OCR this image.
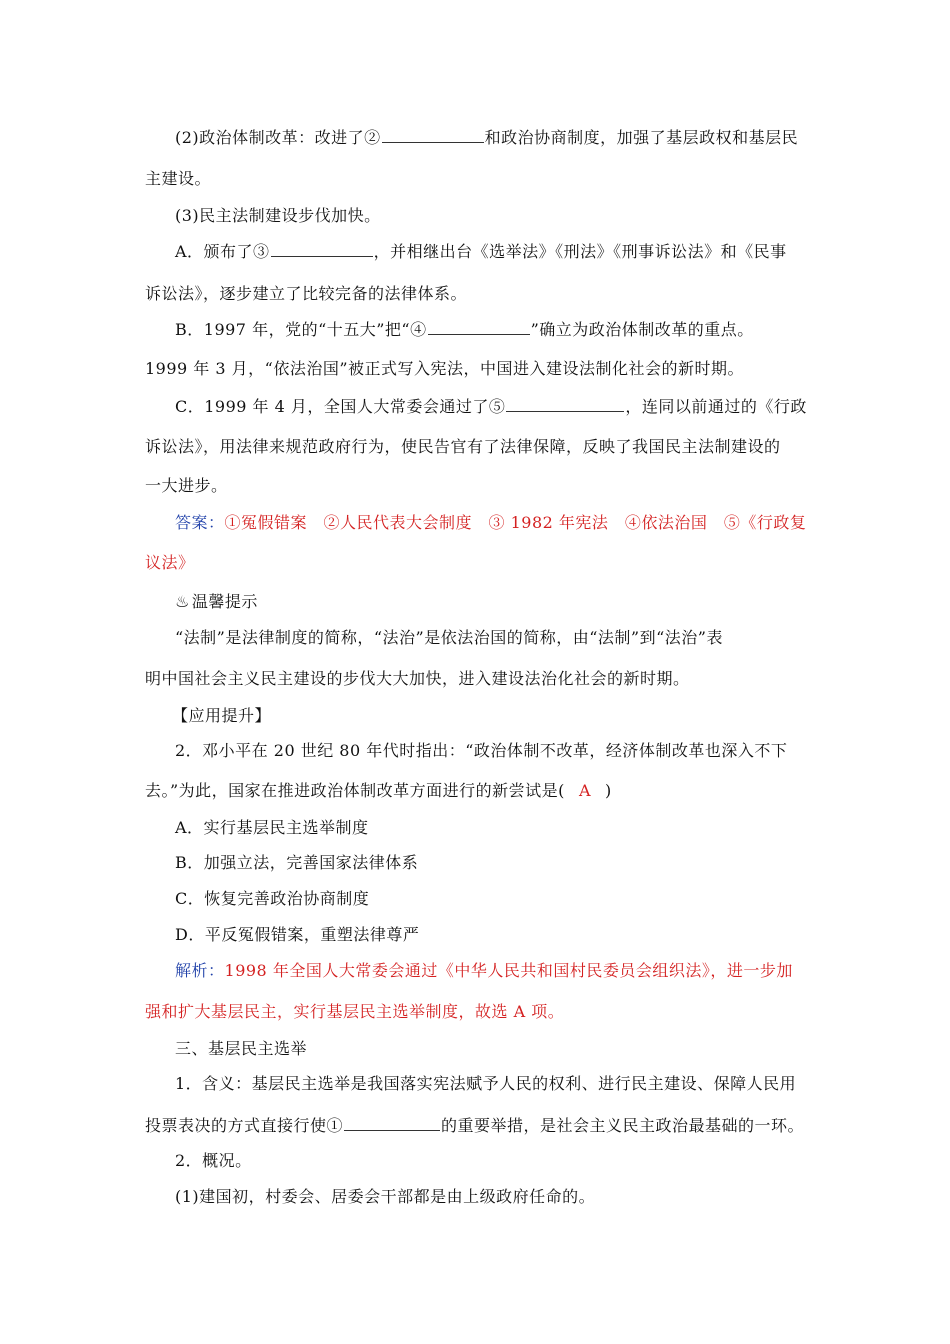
(2)政治体制改革：改进了②	和政治协商制度，加强了基层政权和基层民
主建设。
(3)民主法制建设步伐加快。
A．颁布了③	，并相继出台《选举法》《刑法》《刑事诉讼法》和《民事
诉讼法》，逐步建立了比较完备的法律体系。
B．1997 年，党的“十五大”把“④	”确立为政治体制改革的重点。
1999 年 3 月，“依法治国”被正式写入宪法，中国进入建设法制化社会的新时期。
C．1999 年 4 月，全国人大常委会通过了⑤	，连同以前通过的《行政
诉讼法》，用法律来规范政府行为，使民告官有了法律保障，反映了我国民主法制建设的
一大进步。
答案：①冤假错案　②人民代表大会制度　③ 1982 年宪法　④依法治国　⑤《行政复
议法》
♨ 温馨提示
“法制”是法律制度的简称，“法治”是依法治国的简称，由“法制”到“法治”表
明中国社会主义民主建设的步伐大大加快，进入建设法治化社会的新时期。
【应用提升】
2．邓小平在 20 世纪 80 年代时指出：“政治体制不改革，经济体制改革也深入不下
去。”为此，国家在推进政治体制改革方面进行的新尝试是( A )
A．实行基层民主选举制度
B．加强立法，完善国家法律体系
C．恢复完善政治协商制度
D．平反冤假错案，重塑法律尊严
解析：1998 年全国人大常委会通过《中华人民共和国村民委员会组织法》，进一步加
强和扩大基层民主，实行基层民主选举制度，故选 A 项。
三、基层民主选举
1．含义：基层民主选举是我国落实宪法赋予人民的权利、进行民主建设、保障人民用
投票表决的方式直接行使①	的重要举措，是社会主义民主政治最基础的一环。
2．概况。
(1)建国初，村委会、居委会干部都是由上级政府任命的。
